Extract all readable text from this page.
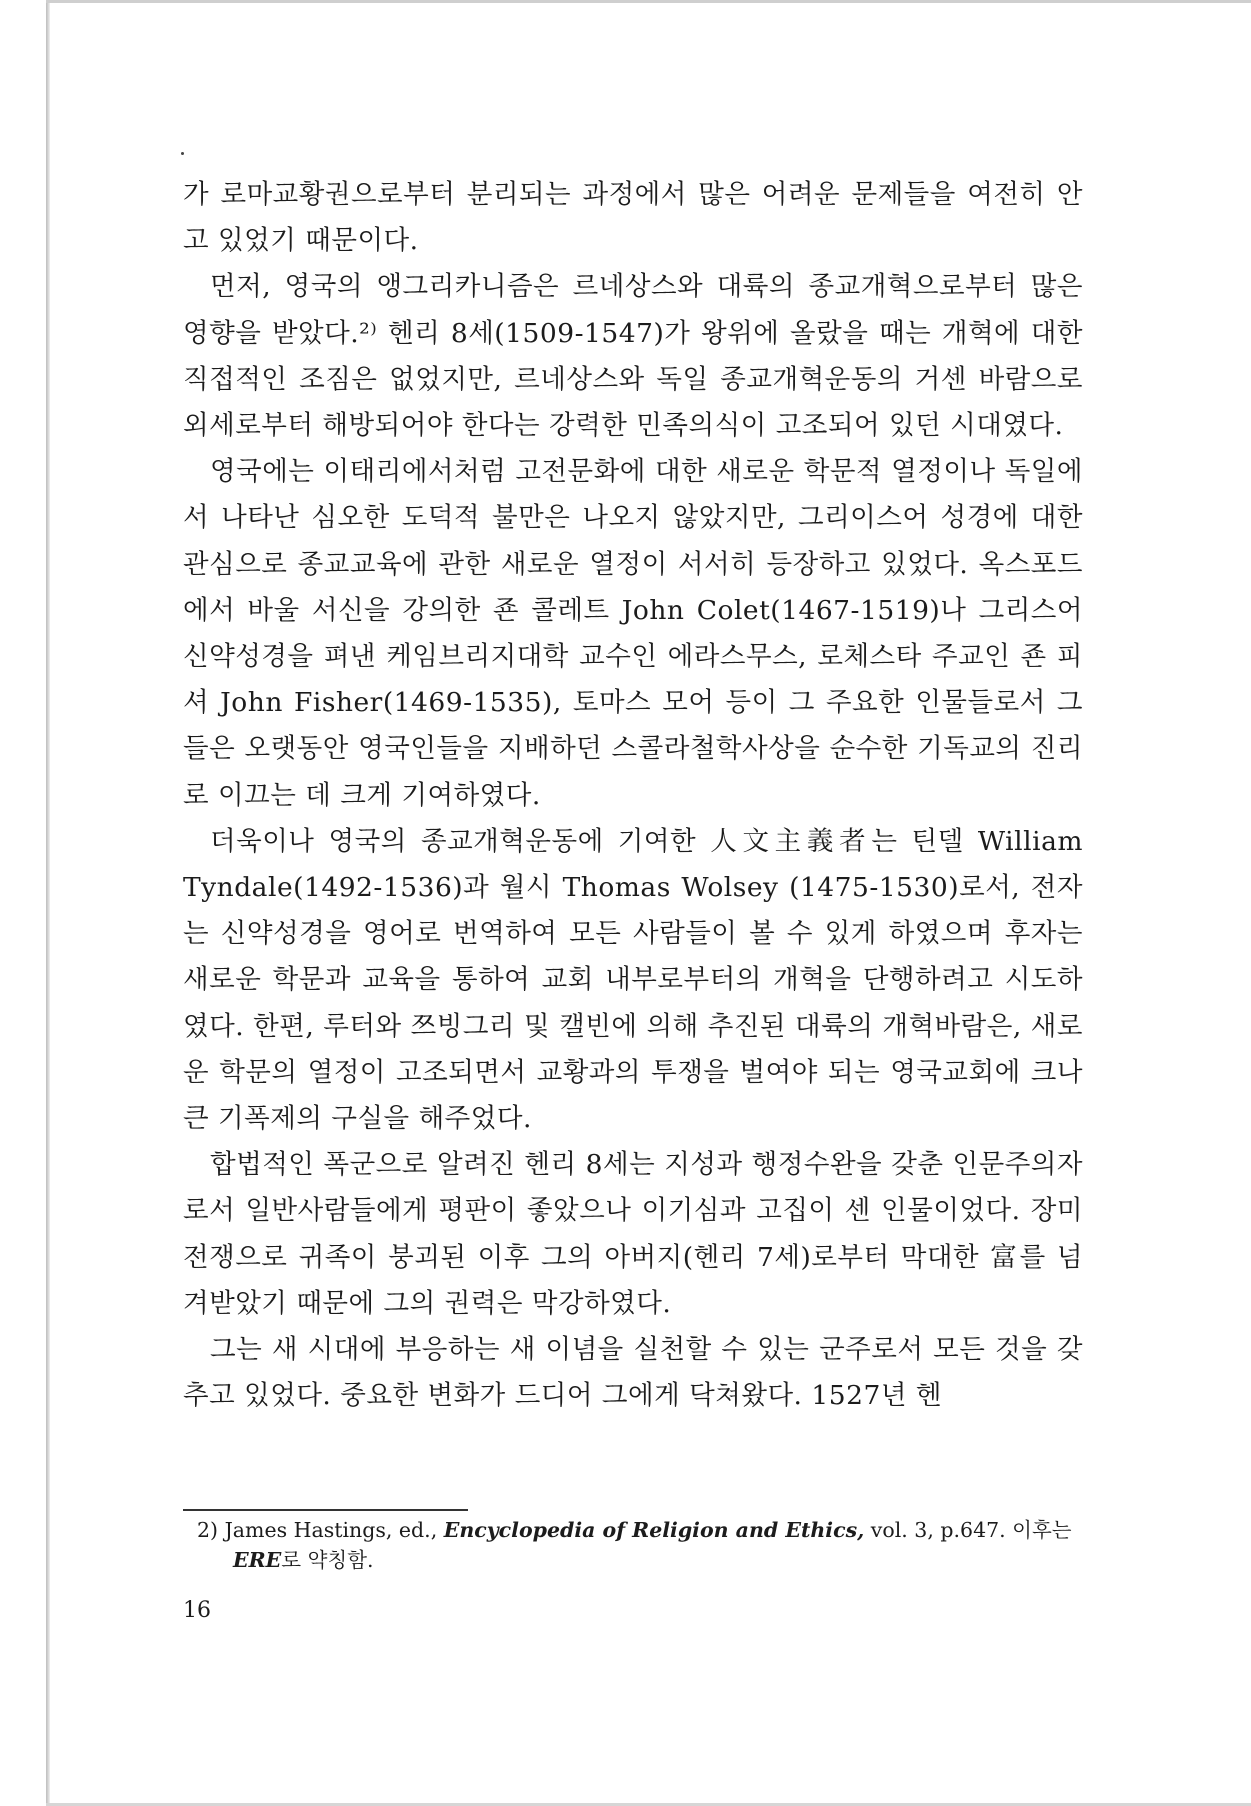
가 로마교황권으로부터 분리되는 과정에서 많은 어려운 문제들을 여전히 안고 있었기 때문이다.

먼저, 영국의 앵그리카니즘은 르네상스와 대륙의 종교개혁으로부터 많은 영향을 받았다.²⁾ 헨리 8세(1509-1547)가 왕위에 올랐을 때는 개혁에 대한 직접적인 조짐은 없었지만, 르네상스와 독일 종교개혁운동의 거센 바람으로 외세로부터 해방되어야 한다는 강력한 민족의식이 고조되어 있던 시대였다.

영국에는 이태리에서처럼 고전문화에 대한 새로운 학문적 열정이나 독일에서 나타난 심오한 도덕적 불만은 나오지 않았지만, 그리이스어 성경에 대한 관심으로 종교교육에 관한 새로운 열정이 서서히 등장하고 있었다. 옥스포드에서 바울 서신을 강의한 죤 콜레트 John Colet(1467-1519)나 그리스어 신약성경을 펴낸 케임브리지대학 교수인 에라스무스, 로체스타 주교인 죤 피셔 John Fisher(1469-1535), 토마스 모어 등이 그 주요한 인물들로서 그들은 오랫동안 영국인들을 지배하던 스콜라철학사상을 순수한 기독교의 진리로 이끄는 데 크게 기여하였다.

더욱이나 영국의 종교개혁운동에 기여한 人文主義者는 틴델 William Tyndale(1492-1536)과 월시 Thomas Wolsey (1475-1530)로서, 전자는 신약성경을 영어로 번역하여 모든 사람들이 볼 수 있게 하였으며 후자는 새로운 학문과 교육을 통하여 교회 내부로부터의 개혁을 단행하려고 시도하였다. 한편, 루터와 쯔빙그리 및 캘빈에 의해 추진된 대륙의 개혁바람은, 새로운 학문의 열정이 고조되면서 교황과의 투쟁을 벌여야 되는 영국교회에 크나큰 기폭제의 구실을 해주었다.

합법적인 폭군으로 알려진 헨리 8세는 지성과 행정수완을 갖춘 인문주의자로서 일반사람들에게 평판이 좋았으나 이기심과 고집이 센 인물이었다. 장미전쟁으로 귀족이 붕괴된 이후 그의 아버지(헨리 7세)로부터 막대한 富를 넘겨받았기 때문에 그의 권력은 막강하였다.

그는 새 시대에 부응하는 새 이념을 실천할 수 있는 군주로서 모든 것을 갖추고 있었다. 중요한 변화가 드디어 그에게 닥쳐왔다. 1527년 헨

2) James Hastings, ed., Encyclopedia of Religion and Ethics, vol. 3, p.647. 이후는 ERE로 약칭함.
16
